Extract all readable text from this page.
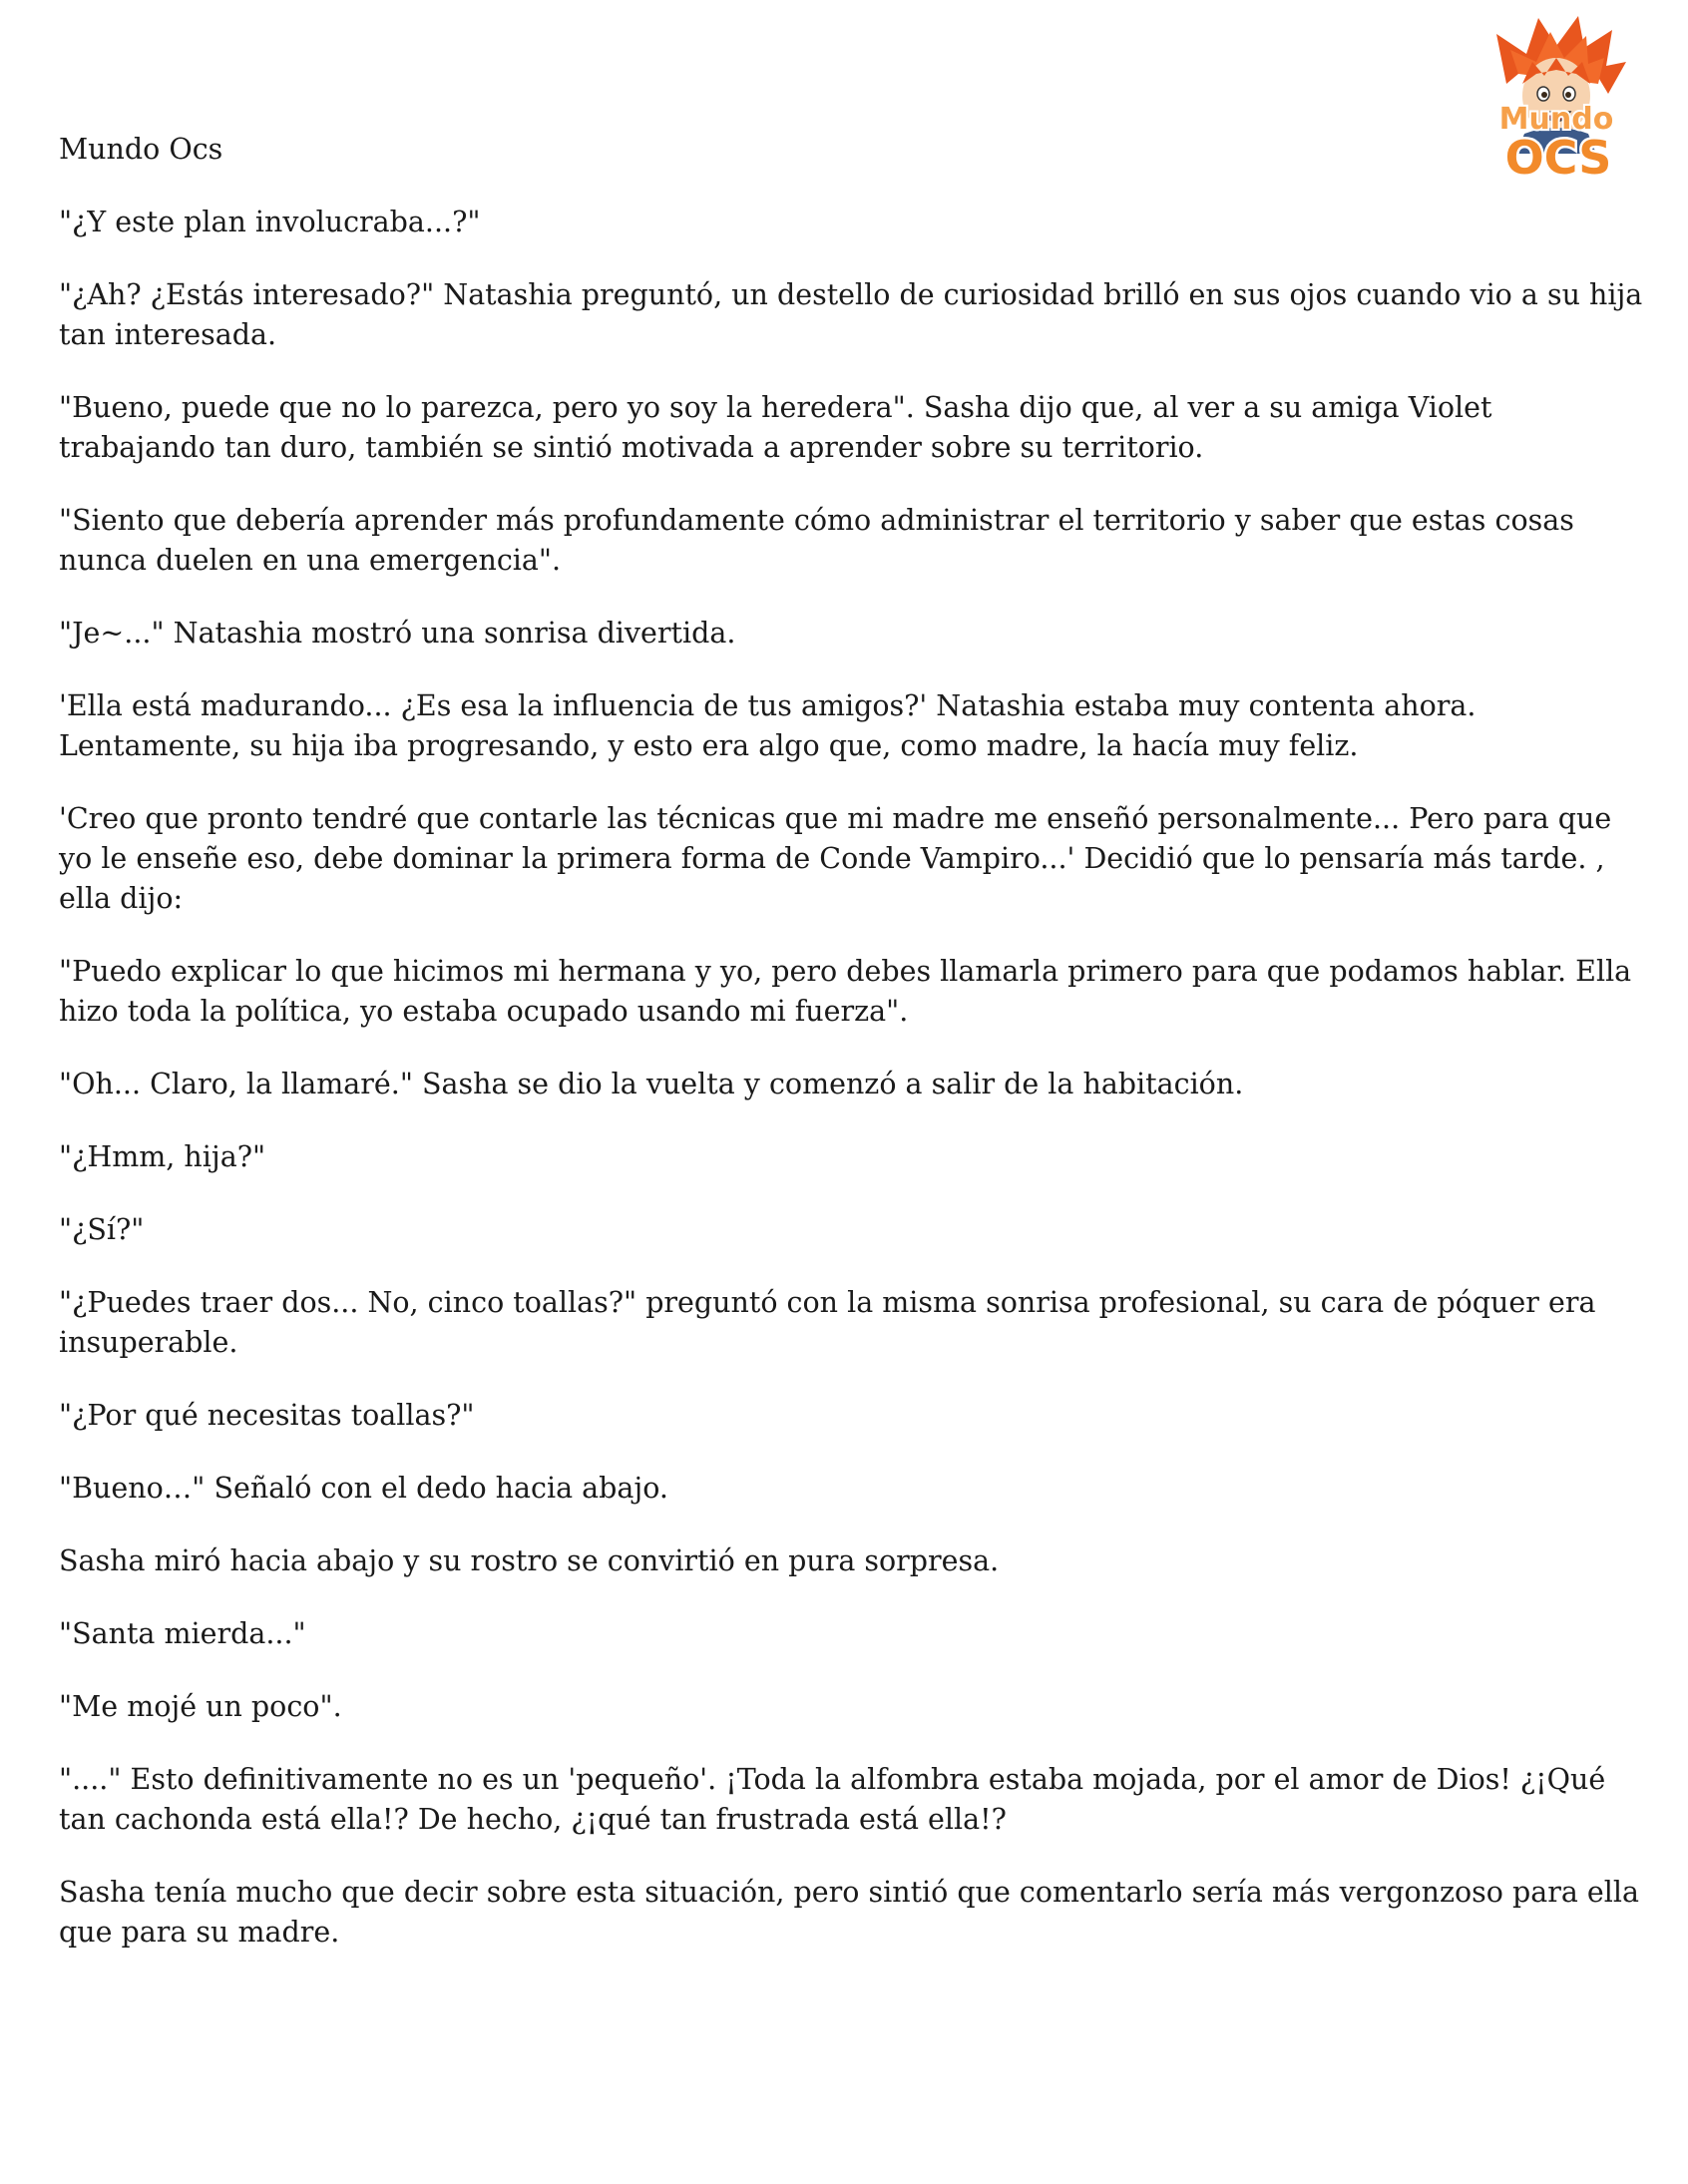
Mundo
OCS

Mundo Ocs

"¿Y este plan involucraba...?"

"¿Ah? ¿Estás interesado?" Natashia preguntó, un destello de curiosidad brilló en sus ojos cuando vio a su hija tan interesada.

"Bueno, puede que no lo parezca, pero yo soy la heredera". Sasha dijo que, al ver a su amiga Violet trabajando tan duro, también se sintió motivada a aprender sobre su territorio.

"Siento que debería aprender más profundamente cómo administrar el territorio y saber que estas cosas nunca duelen en una emergencia".

"Je~..." Natashia mostró una sonrisa divertida.

'Ella está madurando... ¿Es esa la influencia de tus amigos?' Natashia estaba muy contenta ahora. Lentamente, su hija iba progresando, y esto era algo que, como madre, la hacía muy feliz.

'Creo que pronto tendré que contarle las técnicas que mi madre me enseñó personalmente... Pero para que yo le enseñe eso, debe dominar la primera forma de Conde Vampiro...' Decidió que lo pensaría más tarde. , ella dijo:

"Puedo explicar lo que hicimos mi hermana y yo, pero debes llamarla primero para que podamos hablar. Ella hizo toda la política, yo estaba ocupado usando mi fuerza".

"Oh... Claro, la llamaré." Sasha se dio la vuelta y comenzó a salir de la habitación.

"¿Hmm, hija?"

"¿Sí?"

"¿Puedes traer dos... No, cinco toallas?" preguntó con la misma sonrisa profesional, su cara de póquer era insuperable.

"¿Por qué necesitas toallas?"

"Bueno…" Señaló con el dedo hacia abajo.

Sasha miró hacia abajo y su rostro se convirtió en pura sorpresa.

"Santa mierda..."

"Me mojé un poco".

"...." Esto definitivamente no es un 'pequeño'. ¡Toda la alfombra estaba mojada, por el amor de Dios! ¿¡Qué tan cachonda está ella!? De hecho, ¿¡qué tan frustrada está ella!?

Sasha tenía mucho que decir sobre esta situación, pero sintió que comentarlo sería más vergonzoso para ella que para su madre.
